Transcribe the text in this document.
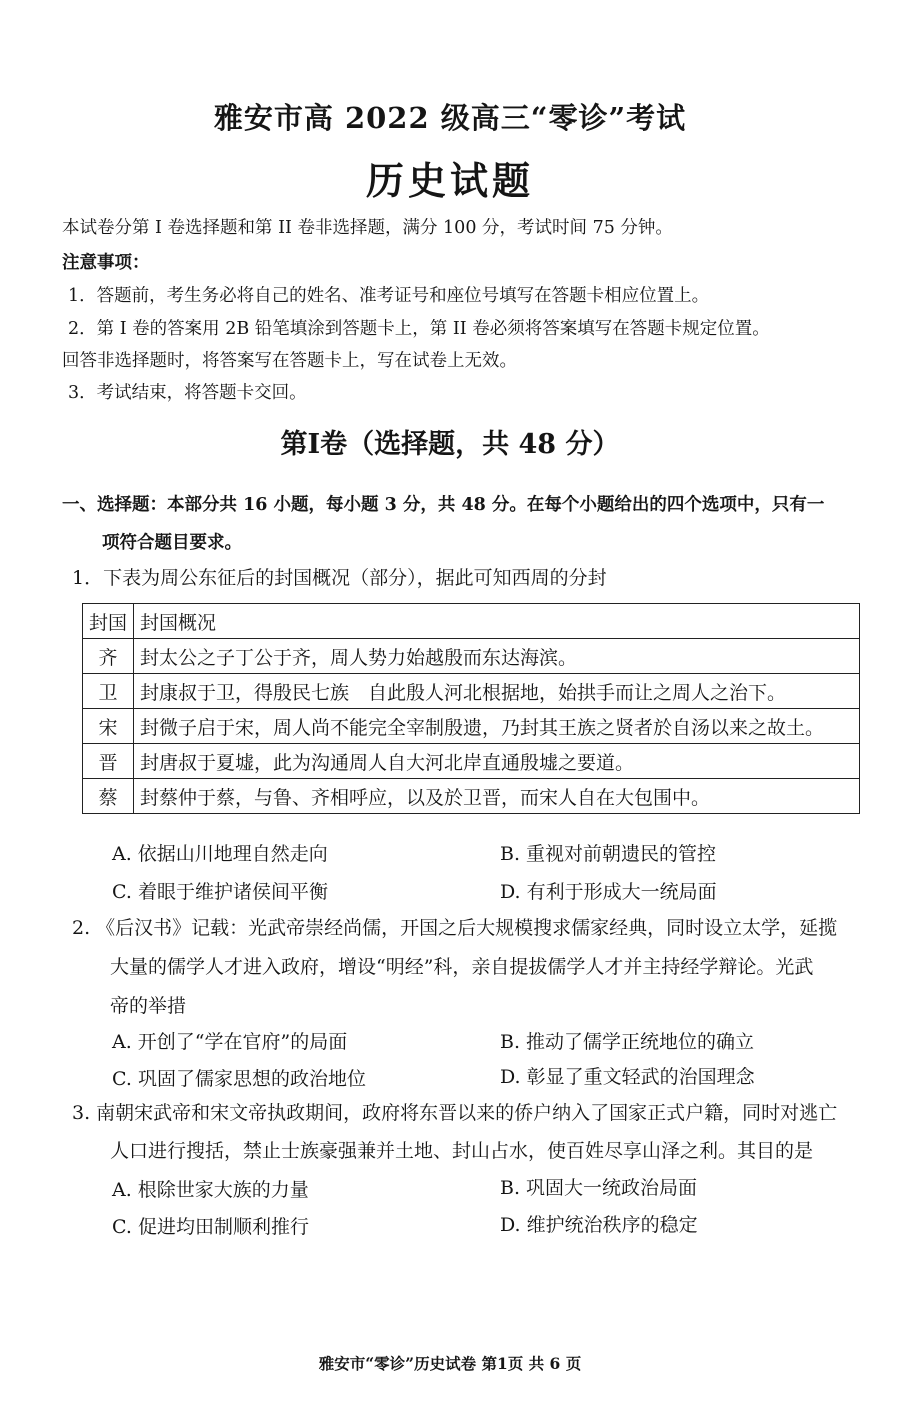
雅安市高 2022 级高三“零诊”考试
历史试题
本试卷分第 I 卷选择题和第 II 卷非选择题，满分 100 分，考试时间 75 分钟。
注意事项：
1．答题前，考生务必将自己的姓名、准考证号和座位号填写在答题卡相应位置上。
2．第 I 卷的答案用 2B 铅笔填涂到答题卡上，第 II 卷必须将答案填写在答题卡规定位置。
回答非选择题时，将答案写在答题卡上，写在试卷上无效。
3．考试结束，将答题卡交回。
第Ⅰ卷（选择题，共 48 分）
一、选择题：本部分共 16 小题，每小题 3 分，共 48 分。在每个小题给出的四个选项中，只有一
项符合题目要求。
1．下表为周公东征后的封国概况（部分），据此可知西周的分封
封国	封国概况
齐	封太公之子丁公于齐，周人势力始越殷而东达海滨。
卫	封康叔于卫，得殷民七族　自此殷人河北根据地，始拱手而让之周人之治下。
宋	封微子启于宋，周人尚不能完全宰制殷遗，乃封其王族之贤者於自汤以来之故土。
晋	封唐叔于夏墟，此为沟通周人自大河北岸直通殷墟之要道。
蔡	封蔡仲于蔡，与鲁、齐相呼应，以及於卫晋，而宋人自在大包围中。
A. 依据山川地理自然走向	B. 重视对前朝遗民的管控
C. 着眼于维护诸侯间平衡	D. 有利于形成大一统局面
2. 《后汉书》记载：光武帝崇经尚儒，开国之后大规模搜求儒家经典，同时设立太学，延揽
大量的儒学人才进入政府，增设“明经”科，亲自提拔儒学人才并主持经学辩论。光武
帝的举措
A. 开创了“学在官府”的局面	B. 推动了儒学正统地位的确立
C. 巩固了儒家思想的政治地位	D. 彰显了重文轻武的治国理念
3. 南朝宋武帝和宋文帝执政期间，政府将东晋以来的侨户纳入了国家正式户籍，同时对逃亡
人口进行搜括，禁止士族豪强兼并土地、封山占水，使百姓尽享山泽之利。其目的是
A. 根除世家大族的力量	B. 巩固大一统政治局面
C. 促进均田制顺利推行	D. 维护统治秩序的稳定
雅安市“零诊”历史试卷 第1页 共 6 页
